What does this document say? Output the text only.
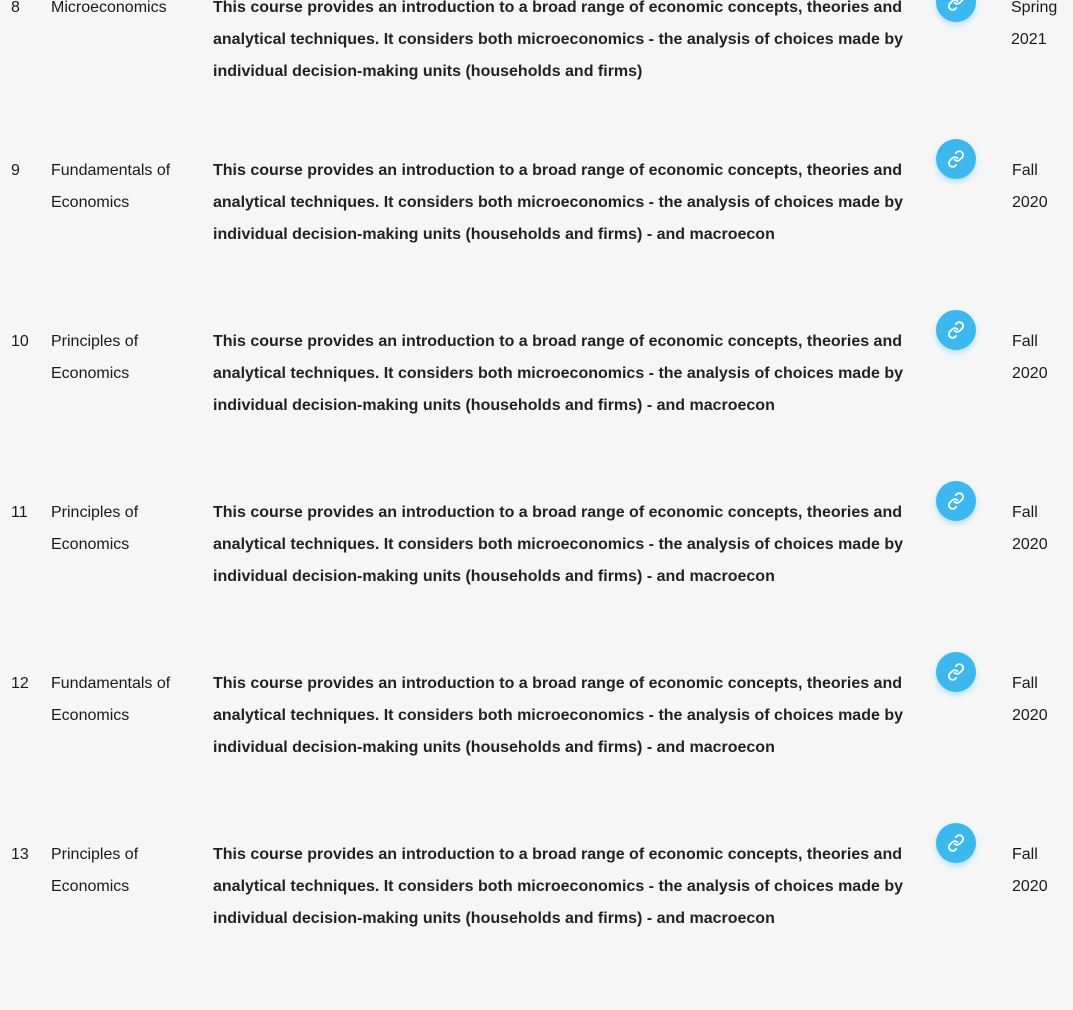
8 Microeconomics	This course provides an introduction to a broad range of economic concepts, theories and analytical techniques. It considers both microeconomics - the analysis of choices made by individual decision-making units (households and firms)
Spring 2021
9 Fundamentals of Economics
This course provides an introduction to a broad range of economic concepts, theories and analytical techniques. It considers both microeconomics - the analysis of choices made by individual decision-making units (households and firms) - and macroecon
Fall 2020
10 Principles of Economics
This course provides an introduction to a broad range of economic concepts, theories and analytical techniques. It considers both microeconomics - the analysis of choices made by individual decision-making units (households and firms) - and macroecon
Fall 2020
11 Principles of Economics
This course provides an introduction to a broad range of economic concepts, theories and analytical techniques. It considers both microeconomics - the analysis of choices made by individual decision-making units (households and firms) - and macroecon
Fall 2020
12 Fundamentals of Economics
This course provides an introduction to a broad range of economic concepts, theories and analytical techniques. It considers both microeconomics - the analysis of choices made by individual decision-making units (households and firms) - and macroecon
Fall 2020
13 Principles of Economics
This course provides an introduction to a broad range of economic concepts, theories and analytical techniques. It considers both microeconomics - the analysis of choices made by individual decision-making units (households and firms) - and macroecon
Fall 2020
